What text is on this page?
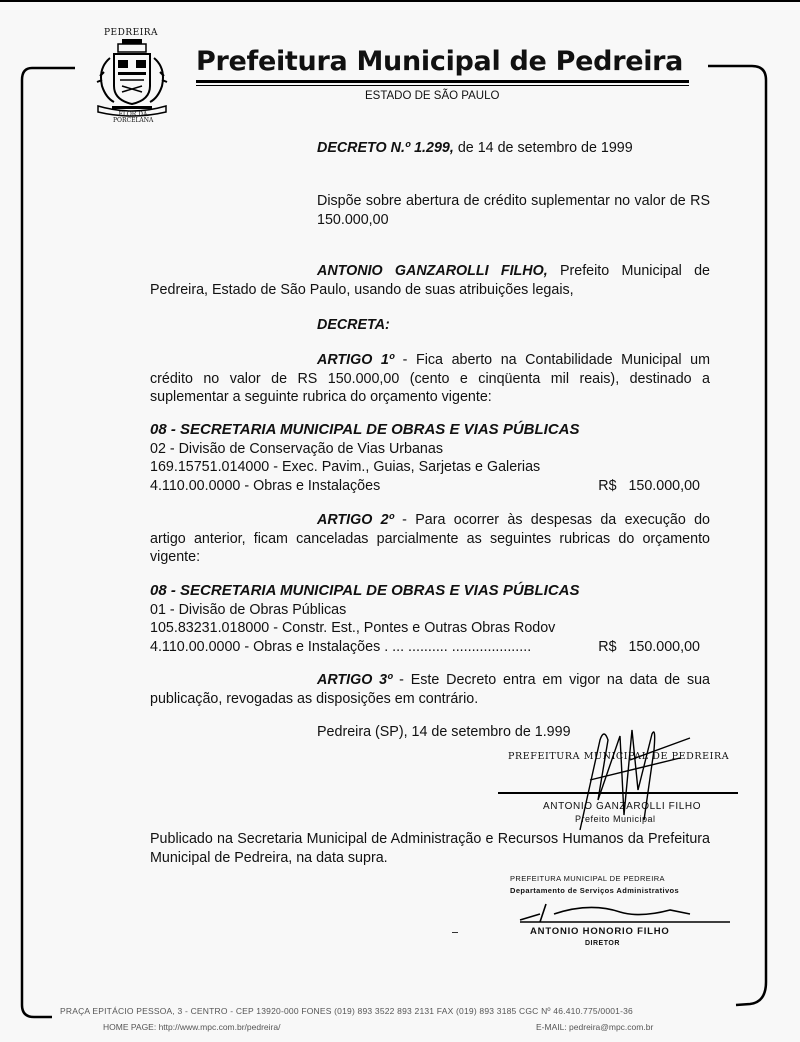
PEDREIRA
FLOR DA PORCELANA
Prefeitura Municipal de Pedreira
ESTADO DE SÃO PAULO
DECRETO N.º 1.299, de 14 de setembro de 1999
Dispõe sobre abertura de crédito suplementar no valor de RS 150.000,00
ANTONIO GANZAROLLI FILHO, Prefeito Municipal de Pedreira, Estado de São Paulo, usando de suas atribuições legais,
DECRETA:
ARTIGO 1º - Fica aberto na Contabilidade Municipal um crédito no valor de RS 150.000,00 (cento e cinqüenta mil reais), destinado a suplementar a seguinte rubrica do orçamento vigente:
08 - SECRETARIA MUNICIPAL DE OBRAS E VIAS PÚBLICAS
02 - Divisão de Conservação de Vias Urbanas
169.15751.014000 - Exec. Pavim., Guias, Sarjetas e Galerias
4.110.00.0000 - Obras e Instalações	R$   150.000,00
ARTIGO 2º - Para ocorrer às despesas da execução do artigo anterior, ficam canceladas parcialmente as seguintes rubricas do orçamento vigente:
08 - SECRETARIA MUNICIPAL DE OBRAS E VIAS PÚBLICAS
01 - Divisão de Obras Públicas
105.83231.018000 - Constr. Est., Pontes e Outras Obras Rodov
4.110.00.0000 - Obras e Instalações . ... .......... ....................	R$   150.000,00
ARTIGO 3º - Este Decreto entra em vigor na data de sua publicação, revogadas as disposições em contrário.
Pedreira (SP), 14 de setembro de 1.999
PREFEITURA MUNICIPAL DE PEDREIRA
ANTONIO GANZAROLLI FILHO
Prefeito Municipal
Publicado na Secretaria Municipal de Administração e Recursos Humanos da Prefeitura Municipal de Pedreira, na data supra.
PREFEITURA MUNICIPAL DE PEDREIRA
Departamento de Serviços Administrativos
ANTONIO HONORIO FILHO
DIRETOR
PRAÇA EPITÁCIO PESSOA, 3 - CENTRO - CEP 13920-000 FONES (019) 893 3522 893 2131 FAX (019) 893 3185 CGC Nº 46.410.775/0001-36
HOME PAGE: http://www.mpc.com.br/pedreira/	E-MAIL: pedreira@mpc.com.br
